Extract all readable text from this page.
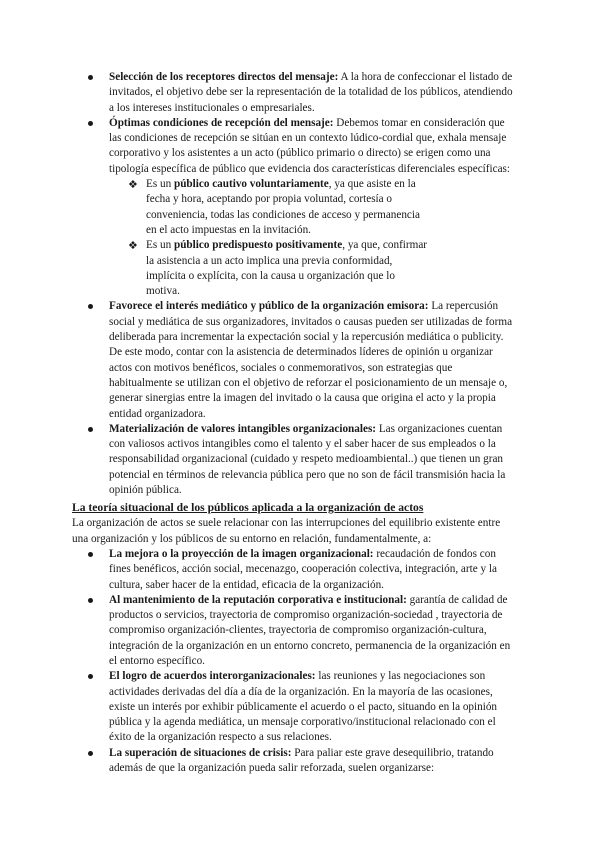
Selección de los receptores directos del mensaje: A la hora de confeccionar el listado de invitados, el objetivo debe ser la representación de la totalidad de los públicos, atendiendo a los intereses institucionales o empresariales.
Óptimas condiciones de recepción del mensaje: Debemos tomar en consideración que las condiciones de recepción se sitúan en un contexto lúdico-cordial que, exhala mensaje corporativo y los asistentes a un acto (público primario o directo) se erigen como una tipología específica de público que evidencia dos características diferenciales específicas:
❖ Es un público cautivo voluntariamente, ya que asiste en la fecha y hora, aceptando por propia voluntad, cortesía o conveniencia, todas las condiciones de acceso y permanencia en el acto impuestas en la invitación.
❖ Es un público predispuesto positivamente, ya que, confirmar la asistencia a un acto implica una previa conformidad, implícita o explícita, con la causa u organización que lo motiva.
Favorece el interés mediático y público de la organización emisora: La repercusión social y mediática de sus organizadores, invitados o causas pueden ser utilizadas de forma deliberada para incrementar la expectación social y la repercusión mediática o publicity. De este modo, contar con la asistencia de determinados líderes de opinión u organizar actos con motivos benéficos, sociales o conmemorativos, son estrategias que habitualmente se utilizan con el objetivo de reforzar el posicionamiento de un mensaje o, generar sinergias entre la imagen del invitado o la causa que origina el acto y la propia entidad organizadora.
Materialización de valores intangibles organizacionales: Las organizaciones cuentan con valiosos activos intangibles como el talento y el saber hacer de sus empleados o la responsabilidad organizacional (cuidado y respeto medioambiental..) que tienen un gran potencial en términos de relevancia pública pero que no son de fácil transmisión hacia la opinión pública.
La teoría situacional de los públicos aplicada a la organización de actos

La organización de actos se suele relacionar con las interrupciones del equilibrio existente entre una organización y los públicos de su entorno en relación, fundamentalmente, a:

La mejora o la proyección de la imagen organizacional: recaudación de fondos con fines benéficos, acción social, mecenazgo, cooperación colectiva, integración, arte y la cultura, saber hacer de la entidad, eficacia de la organización.
Al mantenimiento de la reputación corporativa e institucional: garantía de calidad de productos o servicios, trayectoria de compromiso organización-sociedad , trayectoria de compromiso organización-clientes, trayectoria de compromiso organización-cultura, integración de la organización en un entorno concreto, permanencia de la organización en el entorno específico.
El logro de acuerdos interorganizacionales: las reuniones y las negociaciones son actividades derivadas del día a día de la organización. En la mayoría de las ocasiones, existe un interés por exhibir públicamente el acuerdo o el pacto, situando en la opinión pública y la agenda mediática, un mensaje corporativo/institucional relacionado con el éxito de la organización respecto a sus relaciones.
La superación de situaciones de crisis: Para paliar este grave desequilibrio, tratando además de que la organización pueda salir reforzada, suelen organizarse:
